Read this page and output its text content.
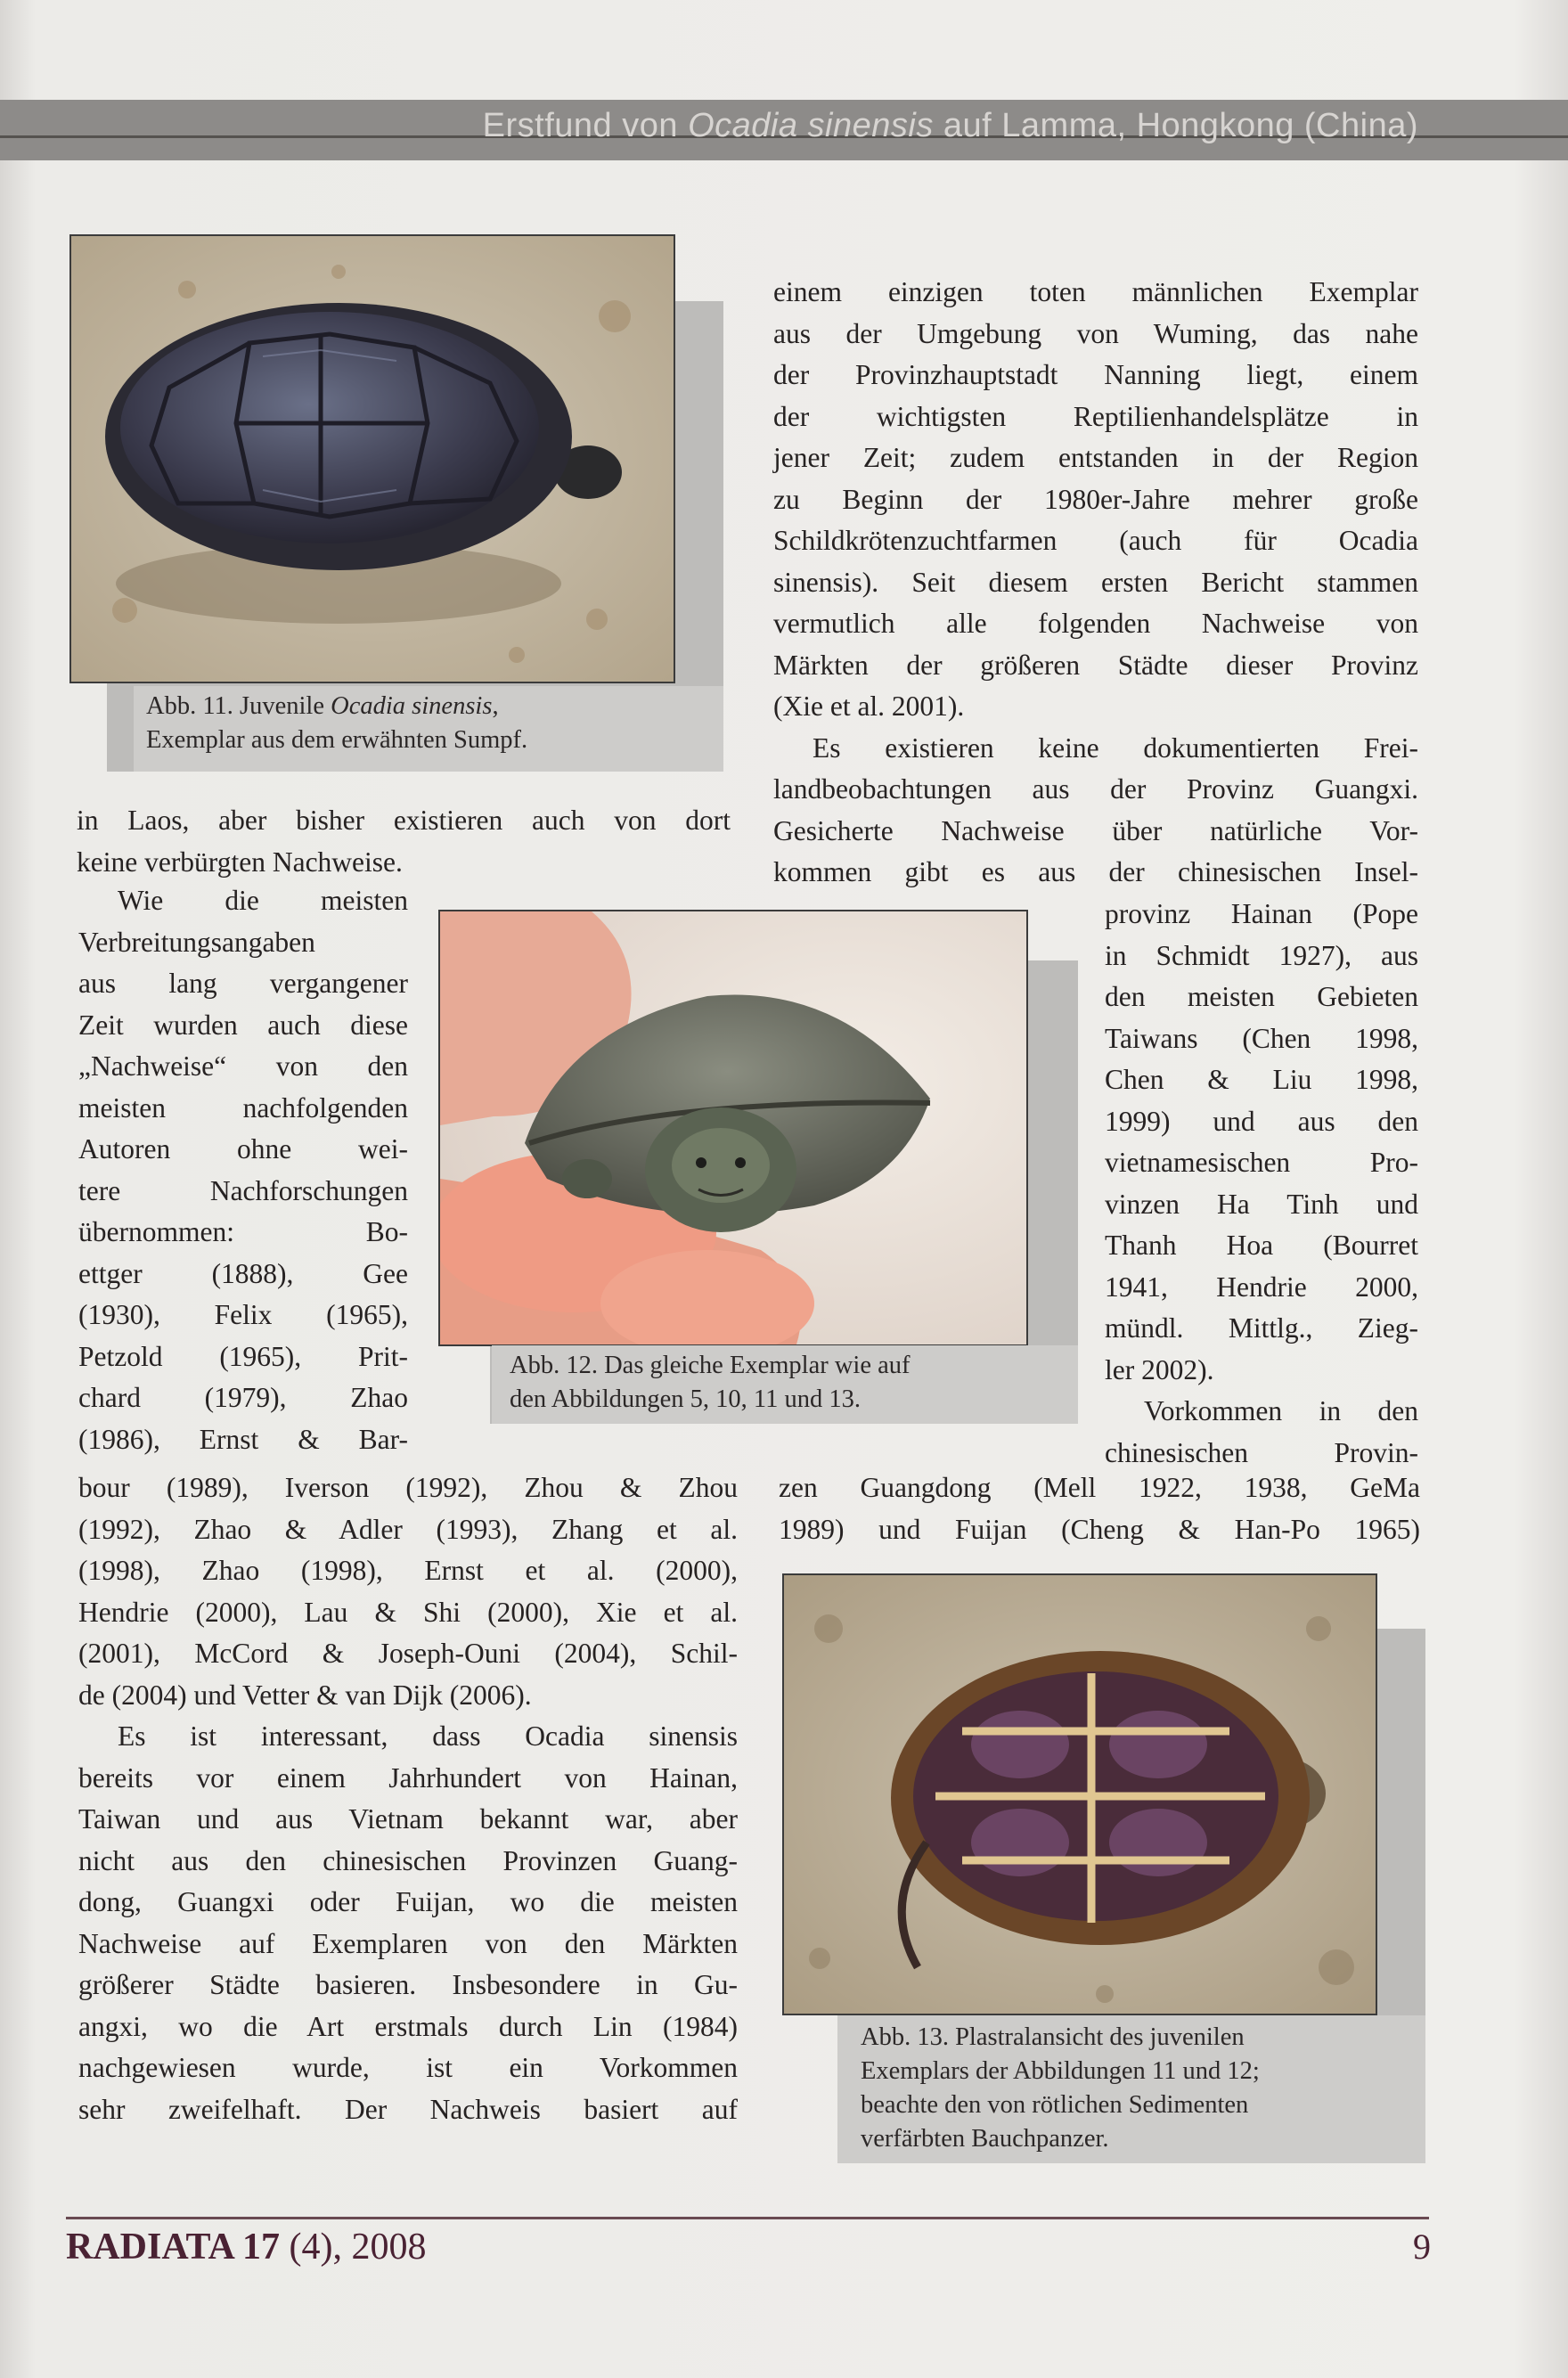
Erstfund von Ocadia sinensis auf Lamma, Hongkong (China)
Abb. 11. Juvenile Ocadia sinensis,
Exemplar aus dem erwähnten Sumpf.
in Laos, aber bisher existieren auch von dort
keine verbürgten Nachweise.
Wie die meisten
Verbreitungsangaben
aus lang vergangener
Zeit wurden auch diese
„Nachweise“ von den
meisten nachfolgenden
Autoren ohne wei-
tere Nachforschungen
übernommen: Bo-
ettger (1888), Gee
(1930), Felix (1965),
Petzold (1965), Prit-
chard (1979), Zhao
(1986), Ernst & Bar-
Abb. 12. Das gleiche Exemplar wie auf
den Abbildungen 5, 10, 11 und 13.
bour (1989), Iverson (1992), Zhou & Zhou
(1992), Zhao & Adler (1993), Zhang et al.
(1998), Zhao (1998), Ernst et al. (2000),
Hendrie (2000), Lau & Shi (2000), Xie et al.
(2001), McCord & Joseph-Ouni (2004), Schil-
de (2004) und Vetter & van Dijk (2006).
Es ist interessant, dass Ocadia sinensis
bereits vor einem Jahrhundert von Hainan,
Taiwan und aus Vietnam bekannt war, aber
nicht aus den chinesischen Provinzen Guang-
dong, Guangxi oder Fuijan, wo die meisten
Nachweise auf Exemplaren von den Märkten
größerer Städte basieren. Insbesondere in Gu-
angxi, wo die Art erstmals durch Lin (1984)
nachgewiesen wurde, ist ein Vorkommen
sehr zweifelhaft. Der Nachweis basiert auf
einem einzigen toten männlichen Exemplar
aus der Umgebung von Wuming, das nahe
der Provinzhauptstadt Nanning liegt, einem
der wichtigsten Reptilienhandelsplätze in
jener Zeit; zudem entstanden in der Region
zu Beginn der 1980er-Jahre mehrer große
Schildkrötenzuchtfarmen (auch für Ocadia
sinensis). Seit diesem ersten Bericht stammen
vermutlich alle folgenden Nachweise von
Märkten der größeren Städte dieser Provinz
(Xie et al. 2001).
Es existieren keine dokumentierten Frei-
landbeobachtungen aus der Provinz Guangxi.
Gesicherte Nachweise über natürliche Vor-
kommen gibt es aus der chinesischen Insel-
provinz Hainan (Pope
in Schmidt 1927), aus
den meisten Gebieten
Taiwans (Chen 1998,
Chen & Liu 1998,
1999) und aus den
vietnamesischen Pro-
vinzen Ha Tinh und
Thanh Hoa (Bourret
1941, Hendrie 2000,
mündl. Mittlg., Zieg-
ler 2002).
Vorkommen in den
chinesischen Provin-
zen Guangdong (Mell 1922, 1938, GeMa
1989) und Fuijan (Cheng & Han-Po 1965)
Abb. 13. Plastralansicht des juvenilen
Exemplars der Abbildungen 11 und 12;
beachte den von rötlichen Sedimenten
verfärbten Bauchpanzer.
RADIATA 17 (4), 2008	9
